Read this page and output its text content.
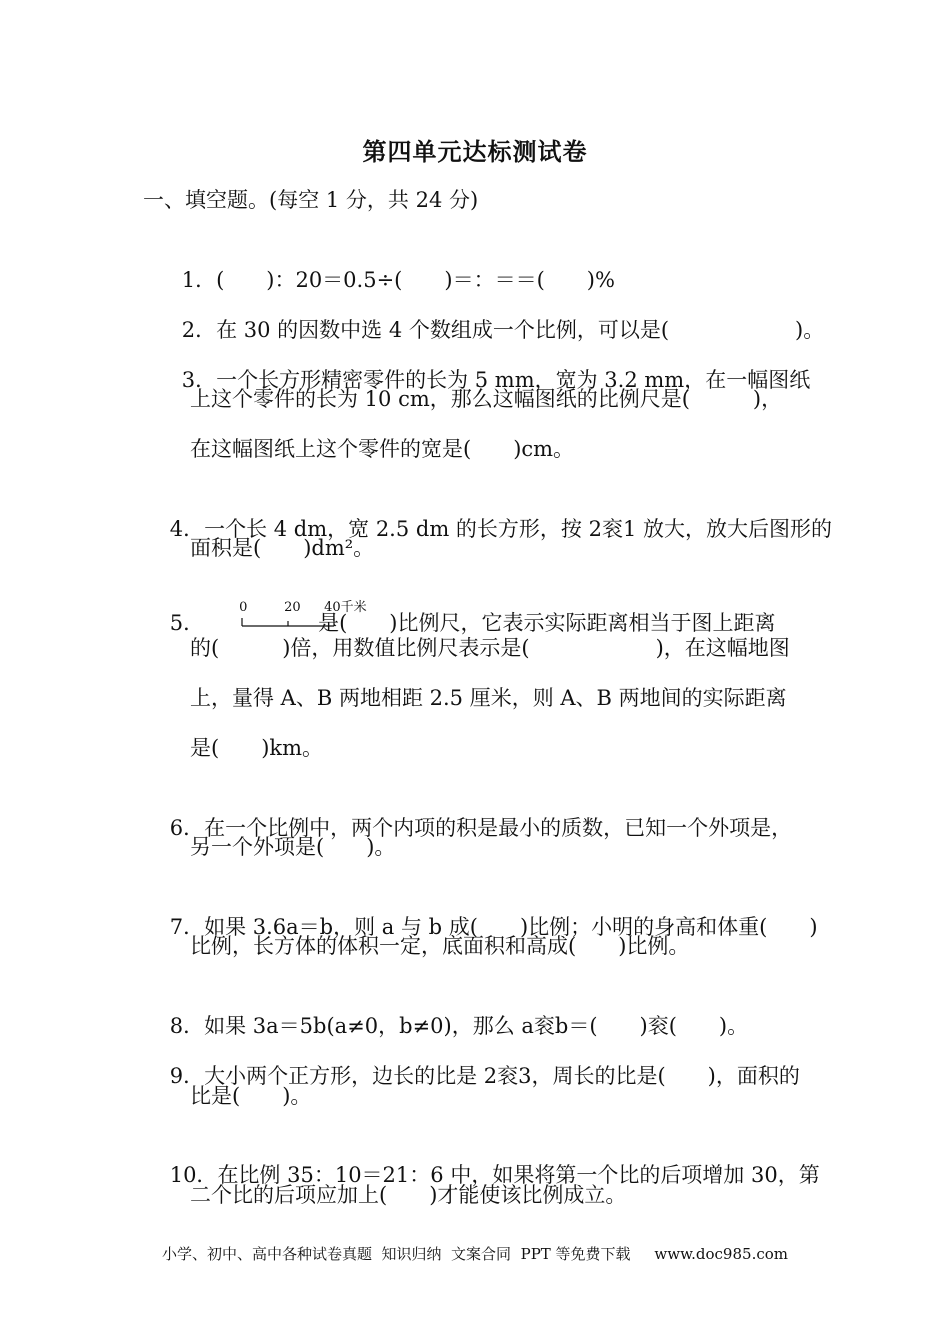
第四单元达标测试卷
一、填空题。(每空 1 分，共 24 分)

1．(　　)：20＝0.5÷(　　)＝：＝＝(　　)%

2．在 30 的因数中选 4 个数组成一个比例，可以是(　　　　　　)。

3．一个长方形精密零件的长为 5 mm，宽为 3.2 mm，在一幅图纸

上这个零件的长为 10 cm，那么这幅图纸的比例尺是(　　　)，
在这幅图纸上这个零件的宽是(　　)cm。

4．一个长 4 dm，宽 2.5 dm 的长方形，按 2衮1 放大，放大后图形的

面积是(　　)dm²。

5．

0

	20

40千米

是(　　)比例尺，它表示实际距离相当于图上距离

的(　　　)倍，用数值比例尺表示是(　　　　　　)，在这幅地图
上，量得 A、B 两地相距 2.5 厘米，则 A、B 两地间的实际距离
是(　　)km。

6．在一个比例中，两个内项的积是最小的质数，已知一个外项是，

另一个外项是(　　)。

7．如果 3.6a＝b，则 a 与 b 成(　　)比例；小明的身高和体重(　　)

比例，长方体的体积一定，底面积和高成(　　)比例。

8．如果 3a＝5b(a≠0，b≠0)，那么 a衮b＝(　　)衮(　　)。

9．大小两个正方形，边长的比是 2衮3，周长的比是(　　)，面积的

比是(　　)。

10．在比例 35：10＝21：6 中，如果将第一个比的后项增加 30，第

二个比的后项应加上(　　)才能使该比例成立。
小学、初中、高中各种试卷真题  知识归纳  文案合同  PPT 等免费下载     www.doc985.com
